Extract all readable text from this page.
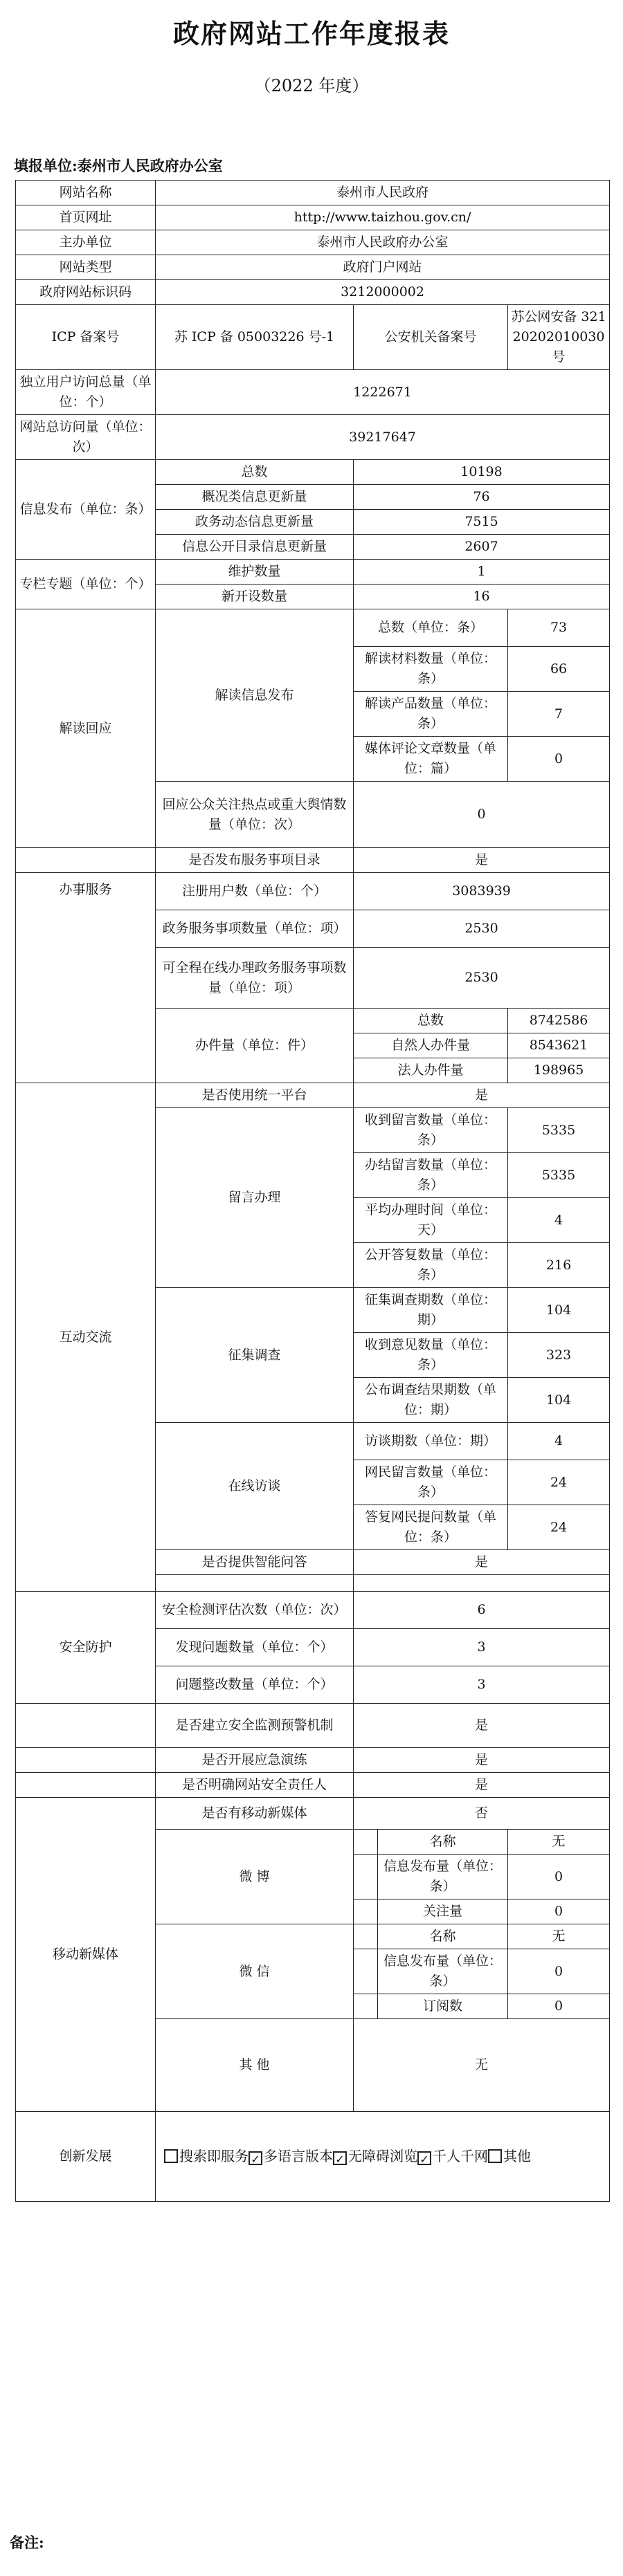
政府网站工作年度报表
（2022 年度）
填报单位:泰州市人民政府办公室
网站名称	泰州市人民政府			
首页网址	http://www.taizhou.gov.cn/			
主办单位	泰州市人民政府办公室			
网站类型	政府门户网站			
政府网站标识码	3212000002			
ICP 备案号	苏 ICP 备 05003226 号-1	公安机关备案号		苏公网安备 32120202010030 号
独立用户访问总量（单位：个）	1222671			
网站总访问量（单位：次）	39217647			
信息发布（单位：条）	总数	10198		
	概况类信息更新量	76		
	政务动态信息更新量	7515		
	信息公开目录信息更新量	2607		
专栏专题（单位：个）	维护数量	1		
	新开设数量	16		
解读回应	解读信息发布	总数（单位：条）		73
		解读材料数量（单位：条）		66
		解读产品数量（单位：条）		7
		媒体评论文章数量（单位：篇）		0
	回应公众关注热点或重大舆情数量（单位：次）	0		
	是否发布服务事项目录	是		
办事服务	注册用户数（单位：个）	3083939		
	政务服务事项数量（单位：项）	2530		
	可全程在线办理政务服务事项数量（单位：项）	2530		
	办件量（单位：件）	总数		8742586
		自然人办件量		8543621
		法人办件量		198965
互动交流	是否使用统一平台	是		
	留言办理	收到留言数量（单位：条）		5335
		办结留言数量（单位：条）		5335
		平均办理时间（单位：天）		4
		公开答复数量（单位：条）		216
	征集调查	征集调查期数（单位：期）		104
		收到意见数量（单位：条）		323
		公布调查结果期数（单位：期）		104
	在线访谈	访谈期数（单位：期）		4
		网民留言数量（单位：条）		24
		答复网民提问数量（单位：条）		24
	是否提供智能问答	是		

安全防护	安全检测评估次数（单位：次）	6		
	发现问题数量（单位：个）	3		
	问题整改数量（单位：个）	3		
	是否建立安全监测预警机制	是		
	是否开展应急演练	是		
	是否明确网站安全责任人	是		
移动新媒体	是否有移动新媒体	否		
	微 博		名称	无
			信息发布量（单位：条）	0
			关注量	0
	微 信		名称	无
			信息发布量（单位：条）	0
			订阅数	0
	其 他	无		
创新发展	搜索即服务 ✓ 多语言版本 ✓ 无障碍浏览 ✓ 千人千网 其他			
备注:
